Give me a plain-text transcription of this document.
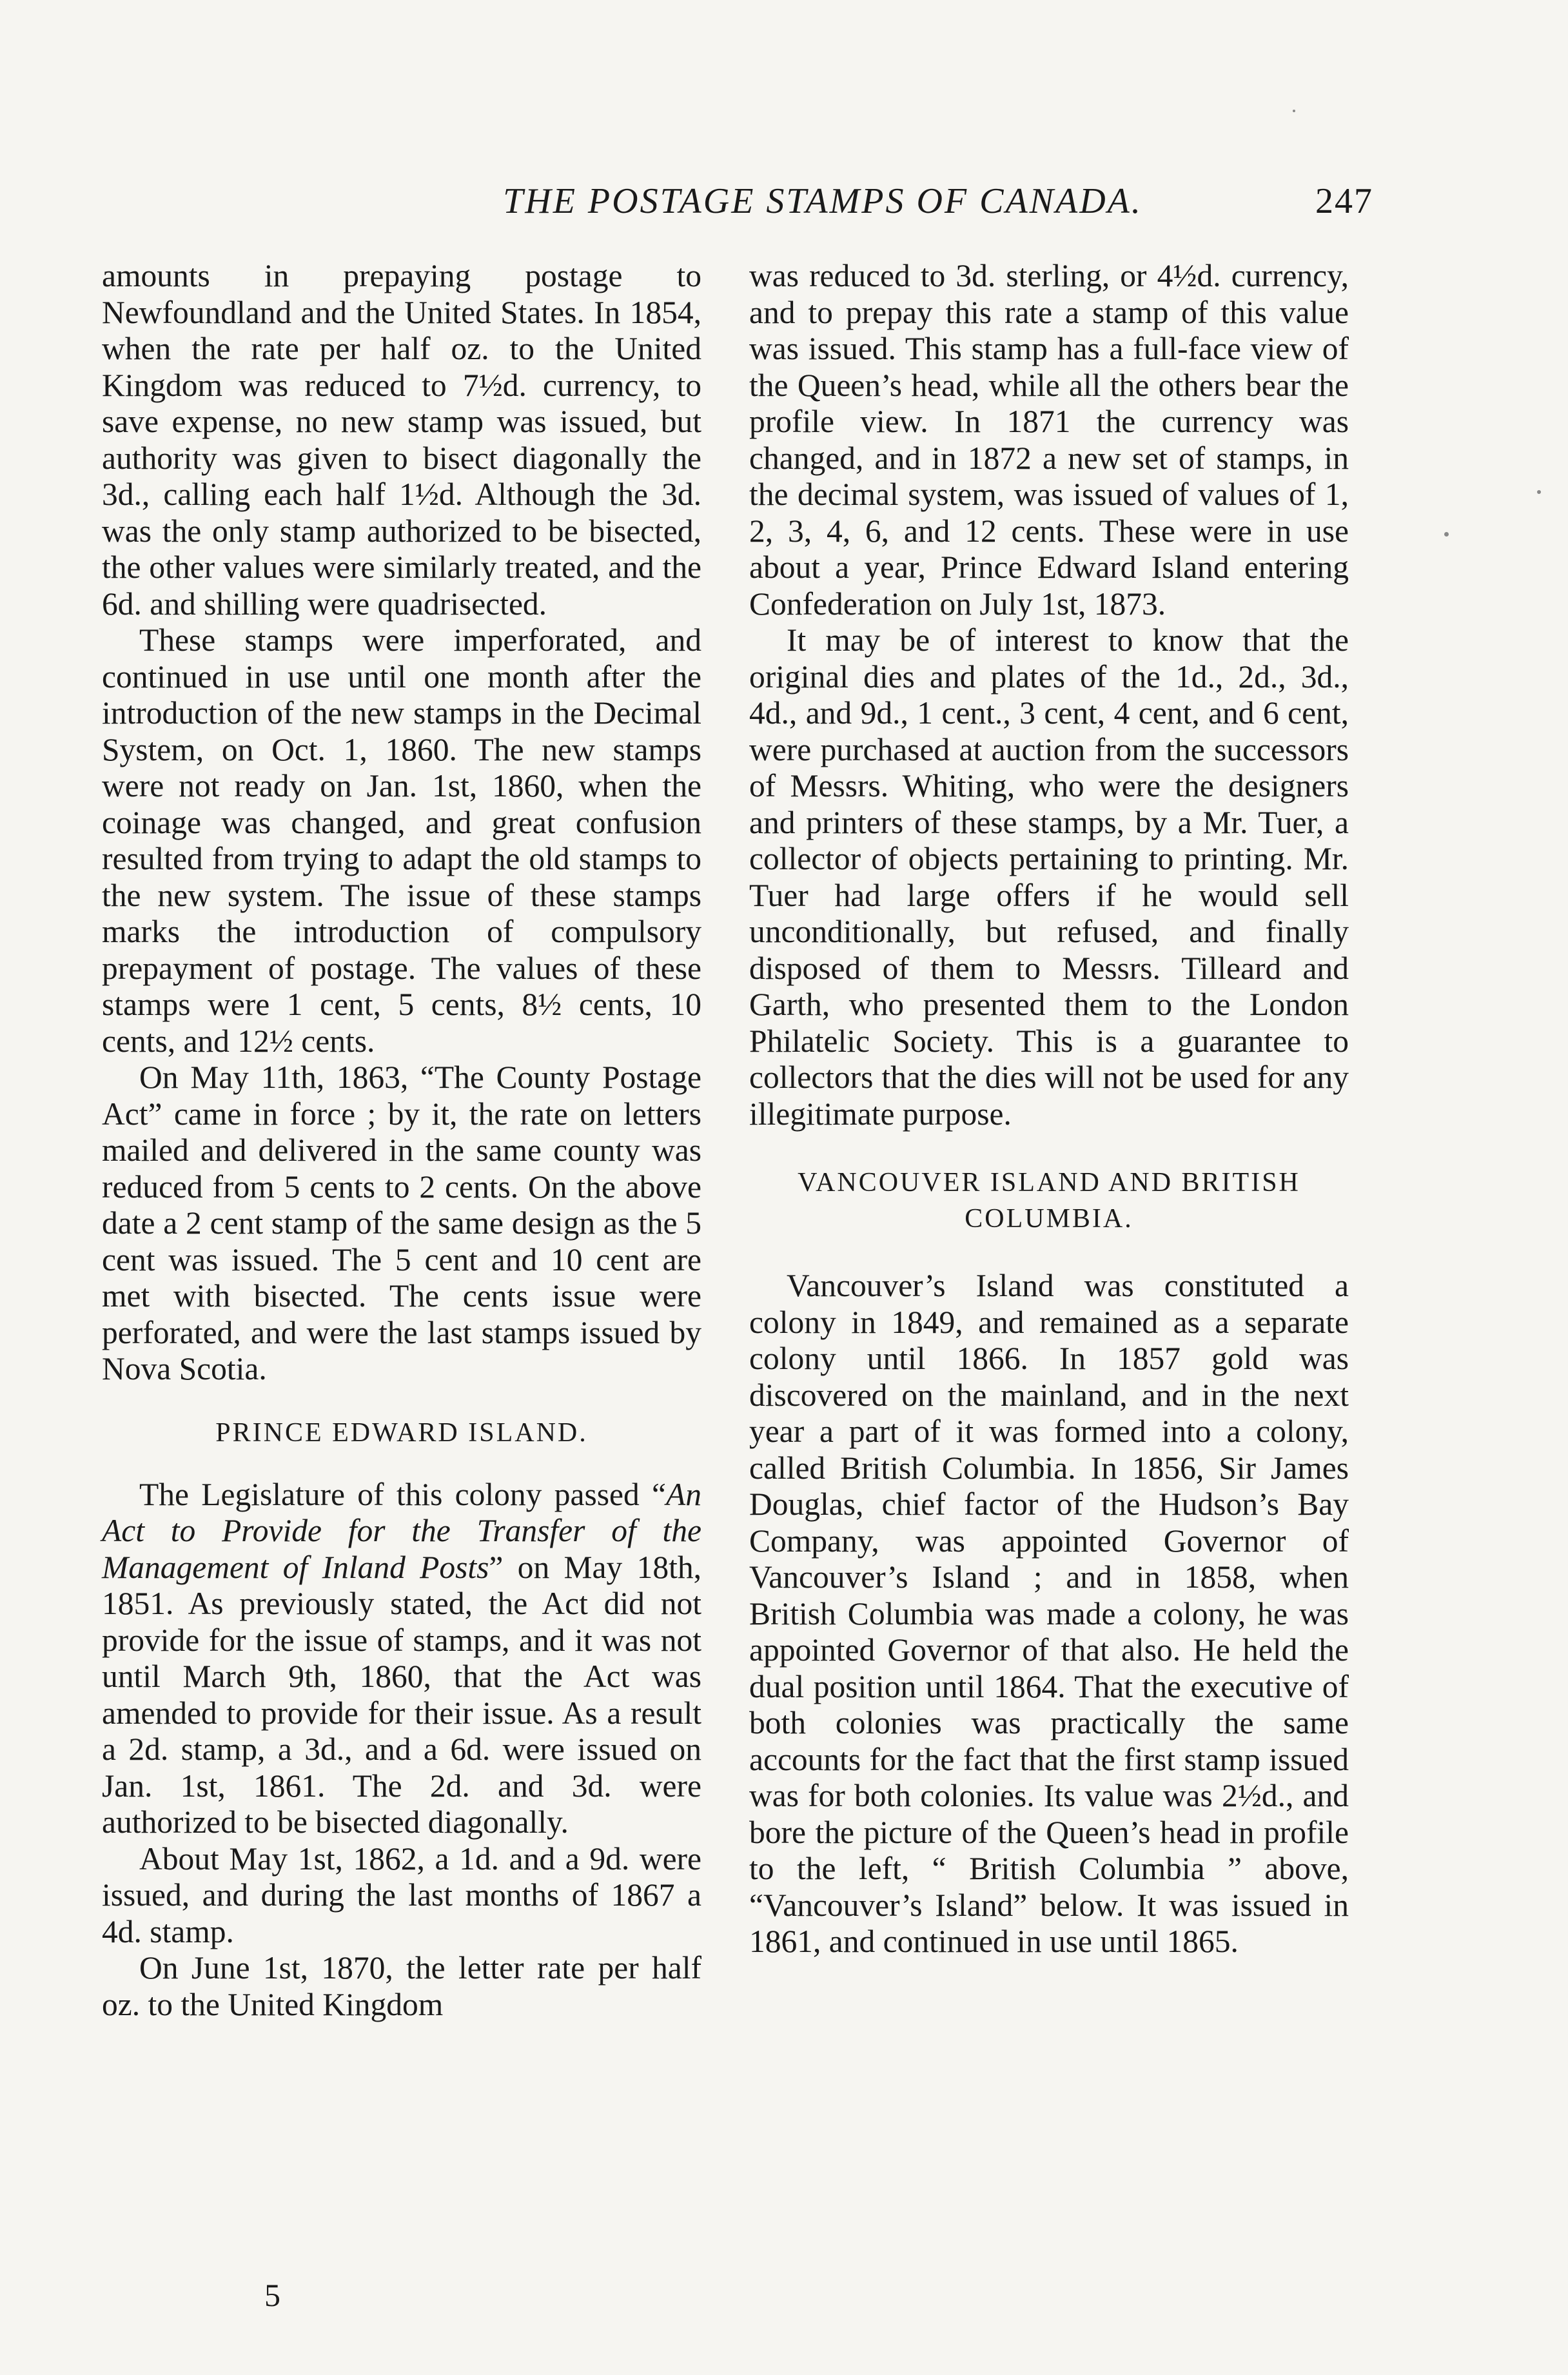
THE POSTAGE STAMPS OF CANADA.	247

amounts in prepaying postage to Newfoundland and the United States. In 1854, when the rate per half oz. to the United Kingdom was reduced to 7½d. currency, to save expense, no new stamp was issued, but authority was given to bisect diagonally the 3d., calling each half 1½d. Although the 3d. was the only stamp authorized to be bisected, the other values were similarly treated, and the 6d. and shilling were quadrisected.

These stamps were imperforated, and continued in use until one month after the introduction of the new stamps in the Decimal System, on Oct. 1, 1860. The new stamps were not ready on Jan. 1st, 1860, when the coinage was changed, and great confusion resulted from trying to adapt the old stamps to the new system. The issue of these stamps marks the introduction of compulsory prepayment of postage. The values of these stamps were 1 cent, 5 cents, 8½ cents, 10 cents, and 12½ cents.

On May 11th, 1863, “The County Postage Act” came in force ; by it, the rate on letters mailed and delivered in the same county was reduced from 5 cents to 2 cents. On the above date a 2 cent stamp of the same design as the 5 cent was issued. The 5 cent and 10 cent are met with bisected. The cents issue were perforated, and were the last stamps issued by Nova Scotia.

PRINCE EDWARD ISLAND.

The Legislature of this colony passed “An Act to Provide for the Transfer of the Management of Inland Posts” on May 18th, 1851. As previously stated, the Act did not provide for the issue of stamps, and it was not until March 9th, 1860, that the Act was amended to provide for their issue. As a result a 2d. stamp, a 3d., and a 6d. were issued on Jan. 1st, 1861. The 2d. and 3d. were authorized to be bisected diagonally.

About May 1st, 1862, a 1d. and a 9d. were issued, and during the last months of 1867 a 4d. stamp.

On June 1st, 1870, the letter rate per half oz. to the United Kingdom

was reduced to 3d. sterling, or 4½d. currency, and to prepay this rate a stamp of this value was issued. This stamp has a full-face view of the Queen’s head, while all the others bear the profile view. In 1871 the currency was changed, and in 1872 a new set of stamps, in the decimal system, was issued of values of 1, 2, 3, 4, 6, and 12 cents. These were in use about a year, Prince Edward Island entering Confederation on July 1st, 1873.

It may be of interest to know that the original dies and plates of the 1d., 2d., 3d., 4d., and 9d., 1 cent., 3 cent, 4 cent, and 6 cent, were purchased at auction from the successors of Messrs. Whiting, who were the designers and printers of these stamps, by a Mr. Tuer, a collector of objects pertaining to printing. Mr. Tuer had large offers if he would sell unconditionally, but refused, and finally disposed of them to Messrs. Tilleard and Garth, who presented them to the London Philatelic Society. This is a guarantee to collectors that the dies will not be used for any illegitimate purpose.

VANCOUVER ISLAND AND BRITISH COLUMBIA.

Vancouver’s Island was constituted a colony in 1849, and remained as a separate colony until 1866. In 1857 gold was discovered on the mainland, and in the next year a part of it was formed into a colony, called British Columbia. In 1856, Sir James Douglas, chief factor of the Hudson’s Bay Company, was appointed Governor of Vancouver’s Island ; and in 1858, when British Columbia was made a colony, he was appointed Governor of that also. He held the dual position until 1864. That the executive of both colonies was practically the same accounts for the fact that the first stamp issued was for both colonies. Its value was 2½d., and bore the picture of the Queen’s head in profile to the left, “ British Columbia ” above, “Vancouver’s Island” below. It was issued in 1861, and continued in use until 1865.

5
